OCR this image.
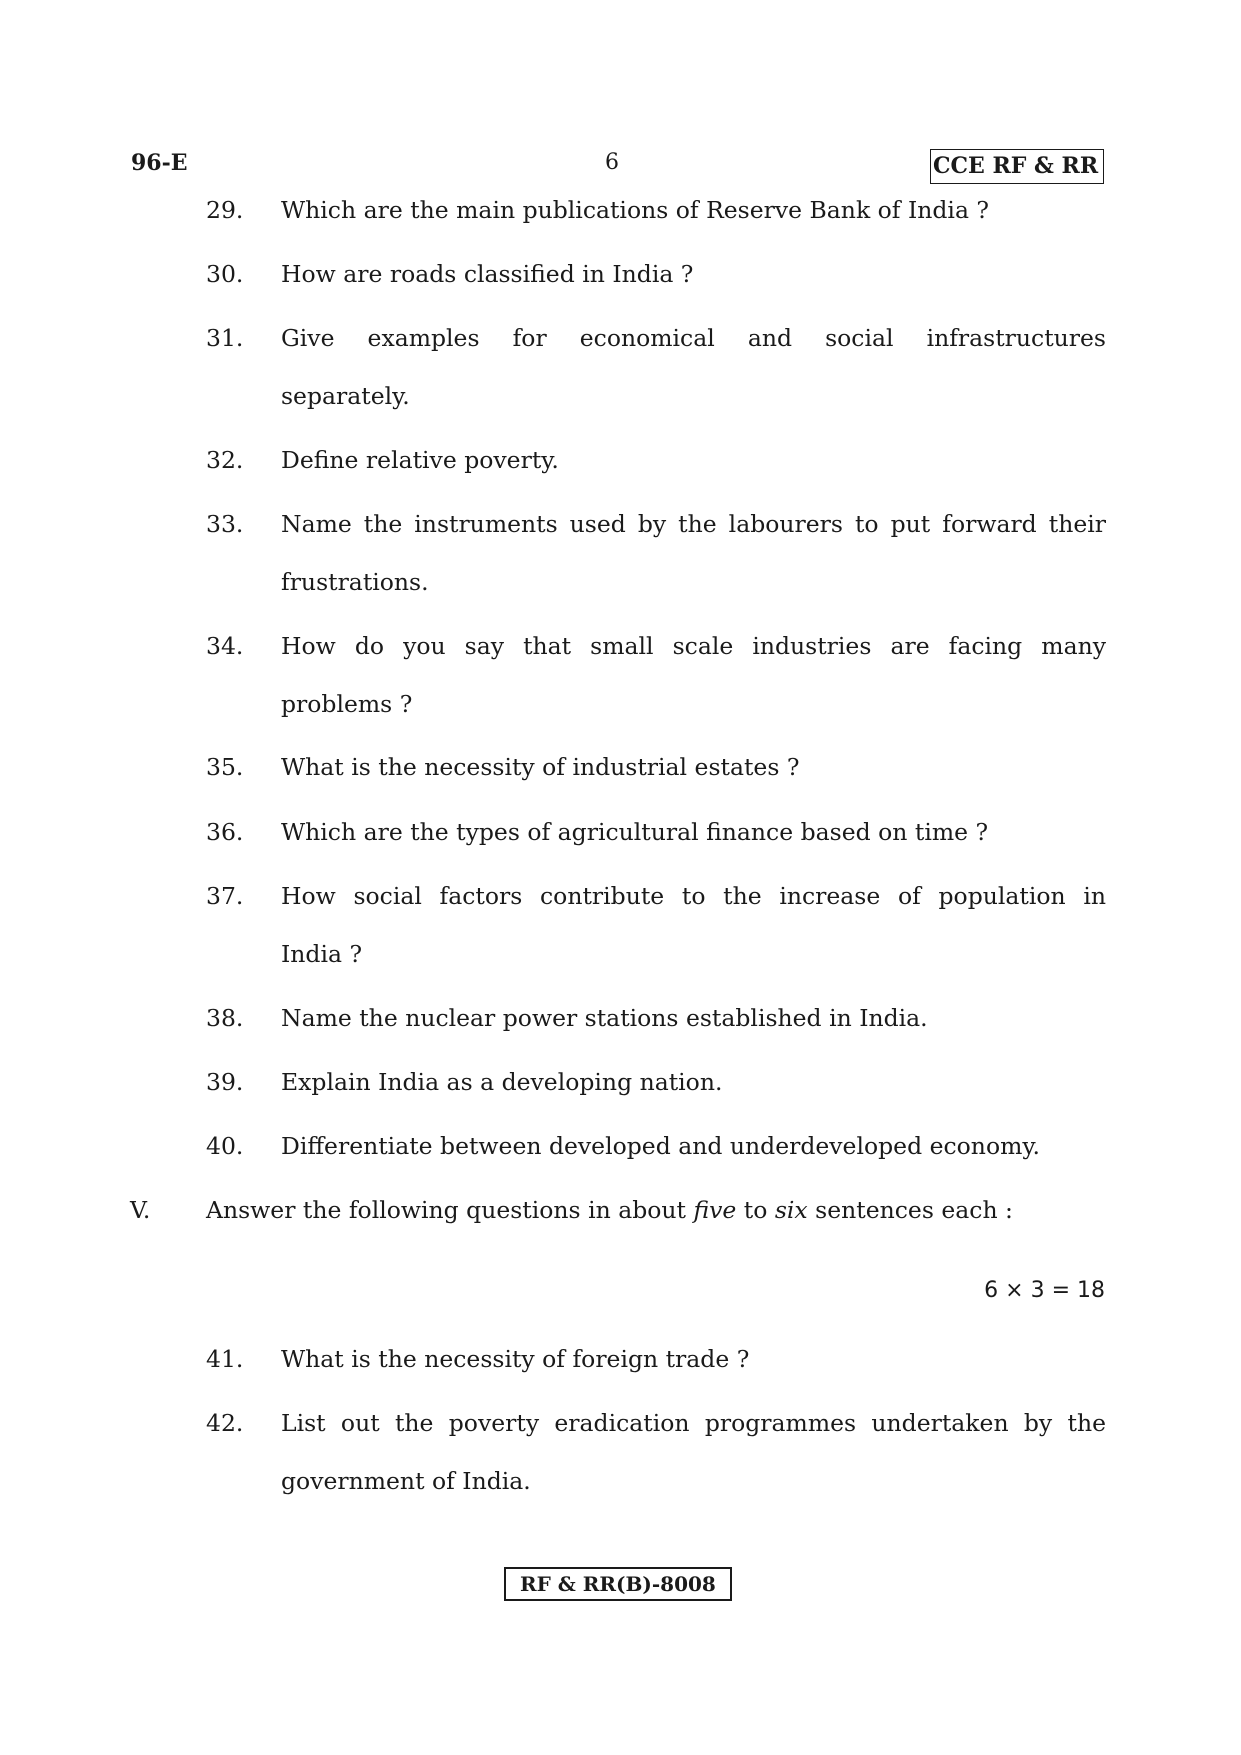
96-E	6	CCE RF & RR
29. Which are the main publications of Reserve Bank of India ?
30. How are roads classified in India ?
31. Give examples for economical and social infrastructures
separately.
32. Define relative poverty.
33. Name the instruments used by the labourers to put forward their
frustrations.
34. How do you say that small scale industries are facing many
problems ?
35. What is the necessity of industrial estates ?
36. Which are the types of agricultural finance based on time ?
37. How social factors contribute to the increase of population in
India ?
38. Name the nuclear power stations established in India.
39. Explain India as a developing nation.
40. Differentiate between developed and underdeveloped economy.
V. Answer the following questions in about five to six sentences each :
6 × 3 = 18
41. What is the necessity of foreign trade ?
42. List out the poverty eradication programmes undertaken by the
government of India.
RF & RR(B)-8008
